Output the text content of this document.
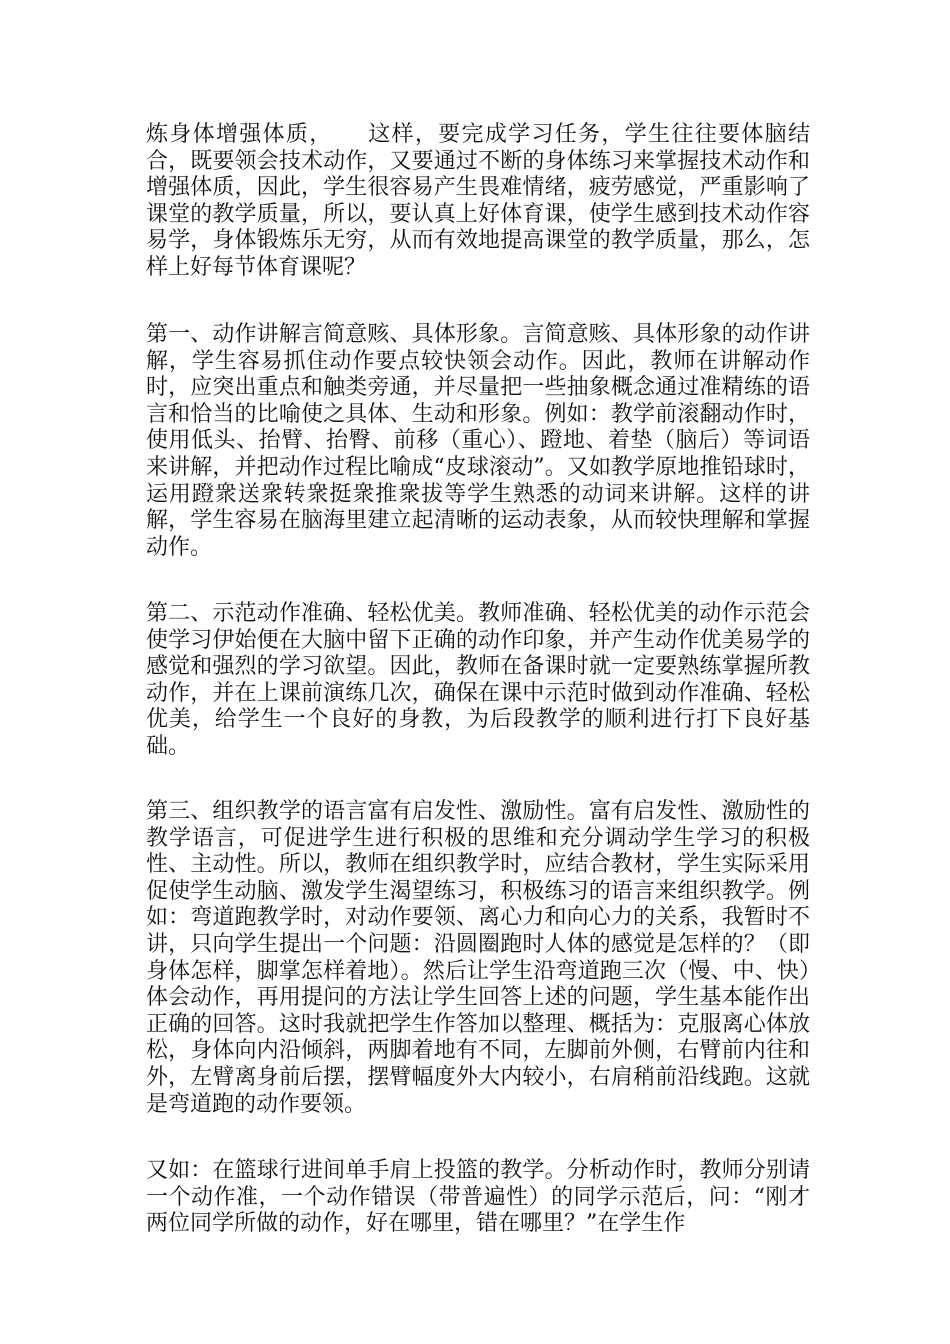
炼身体增强体质，　　这样，要完成学习任务，学生往往要体脑结合，既要领会技术动作，又要通过不断的身体练习来掌握技术动作和增强体质，因此，学生很容易产生畏难情绪，疲劳感觉，严重影响了课堂的教学质量，所以，要认真上好体育课，使学生感到技术动作容易学，身体锻炼乐无穷，从而有效地提高课堂的教学质量，那么，怎样上好每节体育课呢？

第一、动作讲解言简意赅、具体形象。言简意赅、具体形象的动作讲解，学生容易抓住动作要点较快领会动作。因此，教师在讲解动作时，应突出重点和触类旁通，并尽量把一些抽象概念通过准精练的语言和恰当的比喻使之具体、生动和形象。例如：教学前滚翻动作时，使用低头、抬臂、抬臀、前移（重心）、蹬地、着垫（脑后）等词语来讲解，并把动作过程比喻成“皮球滚动”。又如教学原地推铅球时，运用蹬衆送衆转衆挺衆推衆拔等学生熟悉的动词来讲解。这样的讲解，学生容易在脑海里建立起清晰的运动表象，从而较快理解和掌握动作。

第二、示范动作准确、轻松优美。教师准确、轻松优美的动作示范会使学习伊始便在大脑中留下正确的动作印象，并产生动作优美易学的感觉和强烈的学习欲望。因此，教师在备课时就一定要熟练掌握所教动作，并在上课前演练几次，确保在课中示范时做到动作准确、轻松优美，给学生一个良好的身教，为后段教学的顺利进行打下良好基础。

第三、组织教学的语言富有启发性、激励性。富有启发性、激励性的教学语言，可促进学生进行积极的思维和充分调动学生学习的积极性、主动性。所以，教师在组织教学时，应结合教材，学生实际采用促使学生动脑、激发学生渴望练习，积极练习的语言来组织教学。例如：弯道跑教学时，对动作要领、离心力和向心力的关系，我暂时不讲，只向学生提出一个问题：沿圆圈跑时人体的感觉是怎样的？（即身体怎样，脚掌怎样着地）。然后让学生沿弯道跑三次（慢、中、快）体会动作，再用提问的方法让学生回答上述的问题，学生基本能作出正确的回答。这时我就把学生作答加以整理、概括为：克服离心体放松，身体向内沿倾斜，两脚着地有不同，左脚前外侧，右臂前内往和外，左臂离身前后摆，摆臂幅度外大内较小，右肩稍前沿线跑。这就是弯道跑的动作要领。

又如：在篮球行进间单手肩上投篮的教学。分析动作时，教师分别请一个动作准，一个动作错误（带普遍性）的同学示范后，问：“刚才两位同学所做的动作，好在哪里，错在哪里？”在学生作
